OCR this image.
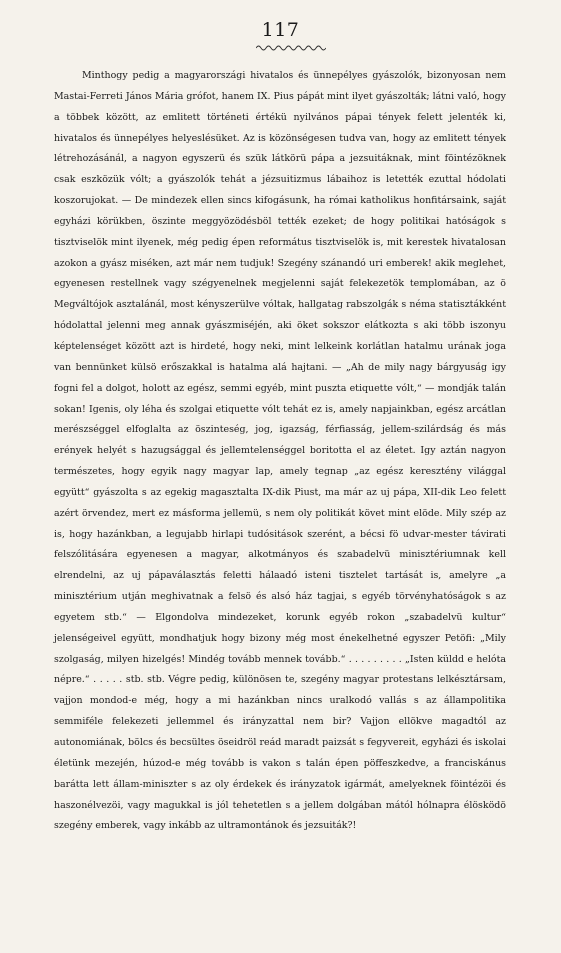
117

Minthogy pedig a magyarországi hivatalos és ünnepélyes gyászolók, bizonyosan nem Mastai-Ferreti János Mária grófot, hanem IX. Pius pápát mint ilyet gyászolták; látni való, hogy a többek között, az emlitett történeti értékü nyilvános pápai tények felett jelenték ki, hivatalos és ünnepélyes helyeslésüket. Az is közönségesen tudva van, hogy az emlitett tények létrehozásánál, a nagyon egyszerü és szük látkörü pápa a jezsuitáknak, mint föintézöknek csak eszközük vólt; a gyászolók tehát a jézsuitizmus lábaihoz is letették ezuttal hódolati koszorujokat. — De mindezek ellen sincs kifogásunk, ha római katholikus honfitársaink, saját egyházi körükben, öszinte meggyözödésböl tették ezeket; de hogy politikai hatóságok s tisztviselök mint ilyenek, még pedig épen református tisztviselök is, mit kerestek hivatalosan azokon a gyász miséken, azt már nem tudjuk! Szegény szánandó uri emberek! akik meglehet, egyenesen restellnek vagy szégyenelnek megjelenni saját felekezetök templomában, az ö Megváltójok asztalánál, most kényszerülve vóltak, hallgatag rabszolgák s néma statisztákként hódolattal jelenni meg annak gyászmiséjén, aki öket sokszor elátkozta s aki több iszonyu képtelenséget között azt is hirdeté, hogy neki, mint lelkeink korlátlan hatalmu urának joga van bennünket külsö erőszakkal is hatalma alá hajtani. — „Ah de mily nagy bárgyuság igy fogni fel a dolgot, holott az egész, semmi egyéb, mint puszta etiquette vólt,“ — mondják talán sokan! Igenis, oly léha és szolgai etiquette vólt tehát ez is, amely napjainkban, egész arcátlan merészséggel elfoglalta az öszinteség, jog, igazság, férfiasság, jellem-szilárdság és más erények helyét s hazugsággal és jellemtelenséggel boritotta el az életet. Igy aztán nagyon természetes, hogy egyik nagy magyar lap, amely tegnap „az egész keresztény világgal együtt“ gyászolta s az egekig magasztalta IX-dik Piust, ma már az uj pápa, XII-dik Leo felett azért örvendez, mert ez másforma jellemü, s nem oly politikát követ mint elöde. Mily szép az is, hogy hazánkban, a legujabb hirlapi tudósitások szerént, a bécsi fö udvar-mester távirati felszólitására egyenesen a magyar, alkotmányos és szabadelvü minisztériumnak kell elrendelni, az uj pápaválasztás feletti hálaadó isteni tisztelet tartását is, amelyre „a minisztérium utján meghivatnak a felsö és alsó ház tagjai, s egyéb törvényhatóságok s az egyetem stb.“ — Elgondolva mindezeket, korunk egyéb rokon „szabadelvü kultur“ jelenségeivel együtt, mondhatjuk hogy bizony még most énekelhetné egyszer Petöfi: „Mily szolgaság, milyen hizelgés! Mindég tovább mennek tovább.“ . . . . . . . . . „Isten küldd e helóta népre.“ . . . . . stb. stb. Végre pedig, különösen te, szegény magyar protestans lelkésztársam, vajjon mondod-e még, hogy a mi hazánkban nincs uralkodó vallás s az állampolitika semmiféle felekezeti jellemmel és irányzattal nem bir? Vajjon ellökve magadtól az autonomiának, bölcs és becsültes öseidröl reád maradt paizsát s fegyvereit, egyházi és iskolai életünk mezején, húzod-e még tovább is vakon s talán épen pöffeszkedve, a franciskánus barátta lett állam-miniszter s az oly érdekek és irányzatok igármát, amelyeknek föintézöi és haszonélvezöi, vagy magukkal is jól tehetetlen s a jellem dolgában mától hólnapra élösködö szegény emberek, vagy inkább az ultramontánok és jezsuiták?!
